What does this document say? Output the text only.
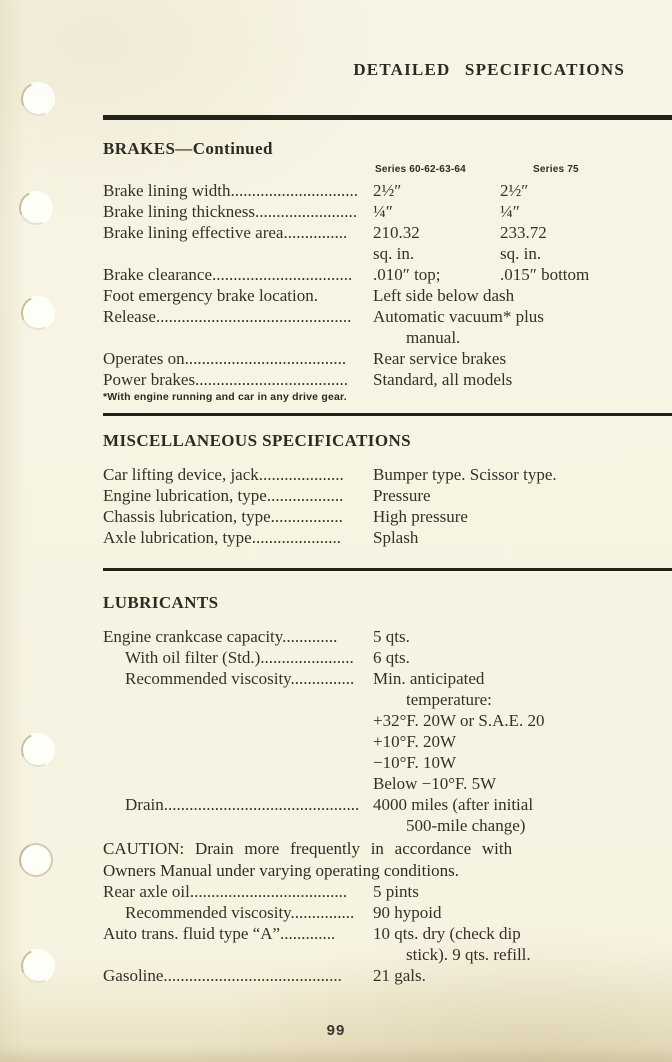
DETAILED SPECIFICATIONS
BRAKES—Continued
Series 60-62-63-64	Series 75
Brake lining width.............................. 2½″	2½″
Brake lining thickness........................ ¼″	¼″
Brake lining effective area...............	210.32	233.72
sq. in.	sq. in.
Brake clearance.................................	.010″ top;	.015″ bottom
Foot emergency brake location.	Left side below dash
Release..............................................	Automatic vacuum* plus
manual.
Operates on......................................	Rear service brakes
Power brakes....................................	Standard, all models
*With engine running and car in any drive gear.
MISCELLANEOUS SPECIFICATIONS
Car lifting device, jack....................	Bumper type. Scissor type.
Engine lubrication, type..................	Pressure
Chassis lubrication, type.................	High pressure
Axle lubrication, type.....................	Splash
LUBRICANTS
Engine crankcase capacity.............	5 qts.
With oil filter (Std.)......................	6 qts.
Recommended viscosity...............	Min. anticipated
temperature:
+32°F. 20W or S.A.E. 20
+10°F. 20W
−10°F. 10W
Below −10°F. 5W
Drain.............................................. 4000 miles (after initial
500-mile change)
CAUTION: Drain more frequently in accordance with
Owners Manual under varying operating conditions.
Rear axle oil.....................................	5 pints
Recommended viscosity...............	90 hypoid
Auto trans. fluid type “A”.............	10 qts. dry (check dip
stick). 9 qts. refill.
Gasoline..........................................	21 gals.
99
